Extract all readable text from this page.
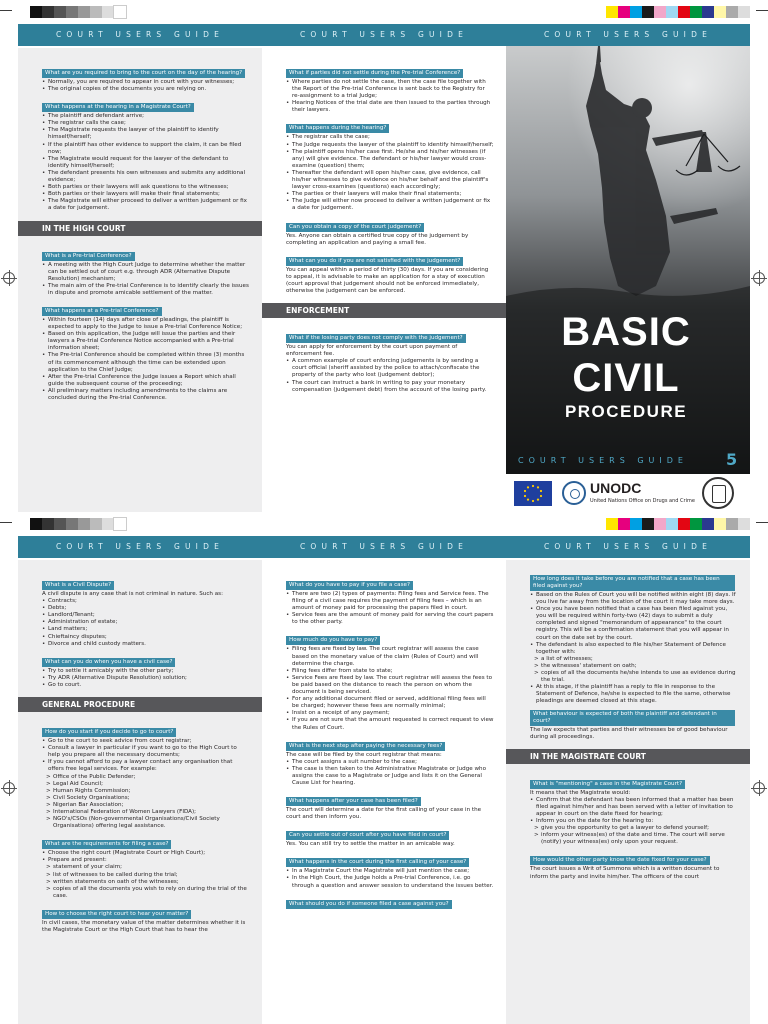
COURT USERS GUIDE	COURT USERS GUIDE	COURT USERS GUIDE
What are you required to bring to the court on the day of the hearing?
• Normally, you are required to appear in court with your witnesses;
• The original copies of the documents you are relying on.
What happens at the hearing in a Magistrate Court?
• The plaintiff and defendant arrive;
• The registrar calls the case;
• The Magistrate requests the lawyer of the plaintiff to identify himself/herself;
• If the plaintiff has other evidence to support the claim, it can be filed now;
• The Magistrate would request for the lawyer of the defendant to identify himself/herself;
• The defendant presents his own witnesses and submits any additional evidence;
• Both parties or their lawyers will ask questions to the witnesses;
• Both parties or their lawyers will make their final statements;
• The Magistrate will either proceed to deliver a written judgement or fix a date for judgement.
IN THE HIGH COURT
What is a Pre-trial Conference?
• A meeting with the High Court Judge to determine whether the matter can be settled out of court e.g. through ADR (Alternative Dispute Resolution) mechanism;
• The main aim of the Pre-trial Conference is to identify clearly the issues in dispute and promote amicable settlement of the matter.
What happens at a Pre-trial Conference?
• Within fourteen (14) days after close of pleadings, the plaintiff is expected to apply to the Judge to issue a Pre-trial Conference Notice;
• Based on this application, the Judge will issue the parties and their lawyers a Pre-trial Conference Notice accompanied with a Pre-trial information sheet;
• The Pre-trial Conference should be completed within three (3) months of its commencement although the time can be extended upon application to the Chief Judge;
• After the Pre-trial Conference the Judge issues a Report which shall guide the subsequent course of the proceeding;
• All preliminary matters including amendments to the claims are concluded during the Pre-trial Conference.
What if parties did not settle during the Pre-trial Conference?
• Where parties do not settle the case, then the case file together with the Report of the Pre-trial Conference is sent back to the Registry for re-assignment to a trial Judge;
• Hearing Notices of the trial date are then issued to the parties through their lawyers.
What happens during the hearing?
• The registrar calls the case;
• The Judge requests the lawyer of the plaintiff to identify himself/herself;
• The plaintiff opens his/her case first. He/she and his/her witnesses (if any) will give evidence. The defendant or his/her lawyer would cross-examine (question) them;
• Thereafter the defendant will open his/her case, give evidence, call his/her witnesses to give evidence on his/her behalf and the plaintiff's lawyer cross-examines (questions) each accordingly;
• The parties or their lawyers will make their final statements;
• The Judge will either now proceed to deliver a written judgement or fix a date for judgement.
Can you obtain a copy of the court judgement?

Yes. Anyone can obtain a certified true copy of the judgement by completing an application and paying a small fee.

What can you do if you are not satisfied with the judgement?

You can appeal within a period of thirty (30) days. If you are considering to appeal, it is advisable to make an application for a stay of execution (court approval that judgement should not be enforced immediately, otherwise the judgement can be enforced.

ENFORCEMENT
What if the losing party does not comply with the judgement?

You can apply for enforcement by the court upon payment of enforcement fee.

• A common example of court enforcing judgements is by sending a court official (sheriff assisted by the police to attach/confiscate the property of the party who lost (judgement debtor);
• The court can instruct a bank in writing to pay your monetary compensation (judgement debt) from the account of the losing party.
BASIC
CIVIL
PROCEDURE
COURT USERS GUIDE 5
UNODC
United Nations Office on Drugs and Crime
COURT USERS GUIDE	COURT USERS GUIDE	COURT USERS GUIDE
What is a Civil Dispute?

A civil dispute is any case that is not criminal in nature. Such as:

• Contracts;
• Debts;
• Landlord/Tenant;
• Administration of estate;
• Land matters;
• Chieftaincy disputes;
• Divorce and child custody matters.
What can you do when you have a civil case?
• Try to settle it amicably with the other party;
• Try ADR (Alternative Dispute Resolution) solution;
• Go to court.
GENERAL PROCEDURE
How do you start if you decide to go to court?
• Go to the court to seek advice from court registrar;
• Consult a lawyer in particular if you want to go to the High Court to help you prepare all the necessary documents;
• If you cannot afford to pay a lawyer contact any organisation that offers free legal services. For example:
> Office of the Public Defender;
> Legal Aid Council;
> Human Rights Commission;
> Civil Society Organisations;
> Nigerian Bar Association;
> International Federation of Women Lawyers (FIDA);
> NGO's/CSOs (Non-governmental Organisations/Civil Society Organisations) offering legal assistance.
What are the requirements for filing a case?
• Choose the right court (Magistrate Court or High Court);
• Prepare and present:
> statement of your claim;
> list of witnesses to be called during the trial;
> written statements on oath of the witnesses;
> copies of all the documents you wish to rely on during the trial of the case.
How to choose the right court to hear your matter?

In civil cases, the monetary value of the matter determines whether it is the Magistrate Court or the High Court that has to hear the

What do you have to pay if you file a case?
• There are two (2) types of payments: Filing fees and Service fees. The filing of a civil case requires the payment of filing fees – which is an amount of money paid for processing the papers filed in court.
• Service fees are the amount of money paid for serving the court papers to the other party.
How much do you have to pay?
• Filing fees are fixed by law. The court registrar will assess the case based on the monetary value of the claim (Rules of Court) and will determine the charge.
• Filing fees differ from state to state;
• Service Fees are fixed by law. The court registrar will assess the fees to be paid based on the distance to reach the person on whom the document is being serviced.
• For any additional document filed or served, additional filing fees will be charged; however these fees are normally minimal;
• Insist on a receipt of any payment;
• If you are not sure that the amount requested is correct request to view the Rules of Court.
What is the next step after paying the necessary fees?

The case will be filed by the court registrar that means:

• The court assigns a suit number to the case;
• The case is then taken to the Administrative Magistrate or Judge who assigns the case to a Magistrate or Judge and lists it on the General Cause List for hearing.
What happens after your case has been filed?

The court will determine a date for the first calling of your case in the court and then inform you.

Can you settle out of court after you have filed in court?

Yes. You can still try to settle the matter in an amicable way.

What happens in the court during the first calling of your case?
• In a Magistrate Court the Magistrate will just mention the case;
• In the High Court, the Judge holds a Pre-trial Conference, i.e. go through a question and answer session to understand the issues better.
What should you do if someone filed a case against you?
How long does it take before you are notified that a case has been filed against you?
• Based on the Rules of Court you will be notified within eight (8) days. If you live far away from the location of the court it may take more days.
• Once you have been notified that a case has been filed against you, you will be required within forty-two (42) days to submit a duly completed and signed "memorandum of appearance" to the court registry. This will be a confirmation statement that you will appear in court on the date set by the court.
• The defendant is also expected to file his/her Statement of Defence together with:
> a list of witnesses;
> the witnesses' statement on oath;
> copies of all the documents he/she intends to use as evidence during the trial.
• At this stage, if the plaintiff has a reply to file in response to the Statement of Defence, he/she is expected to file the same, otherwise pleadings are deemed closed at this stage.
What behaviour is expected of both the plaintiff and defendant in court?

The law expects that parties and their witnesses be of good behaviour during all proceedings.

IN THE MAGISTRATE COURT
What is "mentioning" a case in the Magistrate Court?

It means that the Magistrate would:

• Confirm that the defendant has been informed that a matter has been filed against him/her and has been served with a letter of invitation to appear in court on the date fixed for hearing;
• Inform you on the date for the hearing to:
> give you the opportunity to get a lawyer to defend yourself;
> inform your witness(es) of the date and time. The court will serve (notify) your witness(es) only upon your request.
How would the other party know the date fixed for your case?

The court issues a Writ of Summons which is a written document to inform the party and invite him/her. The officers of the court
